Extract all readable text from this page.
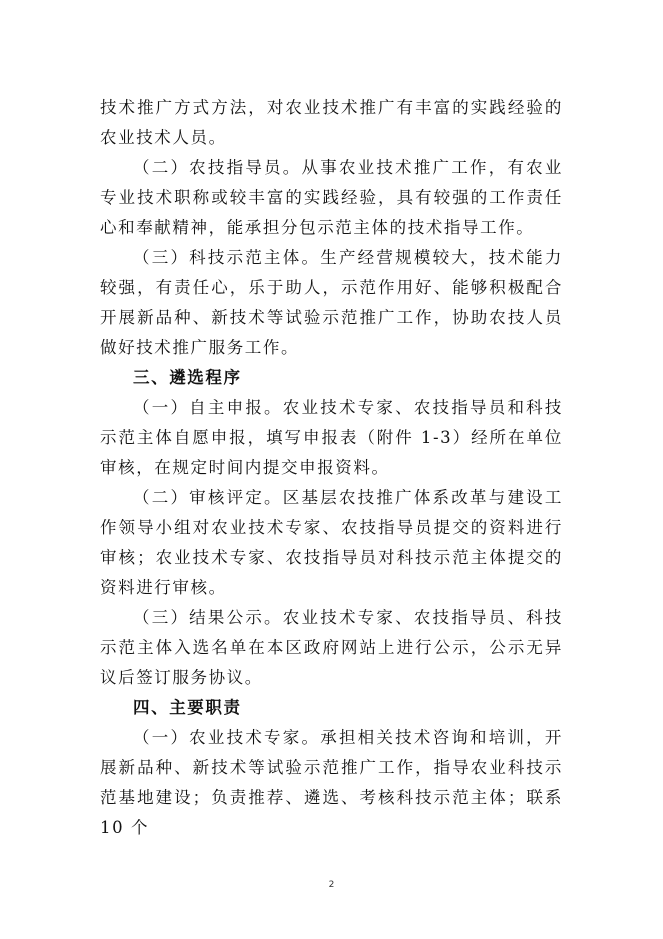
技术推广方式方法，对农业技术推广有丰富的实践经验的农业技术人员。

（二）农技指导员。从事农业技术推广工作，有农业专业技术职称或较丰富的实践经验，具有较强的工作责任心和奉献精神，能承担分包示范主体的技术指导工作。

（三）科技示范主体。生产经营规模较大，技术能力较强，有责任心，乐于助人，示范作用好、能够积极配合开展新品种、新技术等试验示范推广工作，协助农技人员做好技术推广服务工作。

三、遴选程序

（一）自主申报。农业技术专家、农技指导员和科技示范主体自愿申报，填写申报表（附件 1-3）经所在单位审核，在规定时间内提交申报资料。

（二）审核评定。区基层农技推广体系改革与建设工作领导小组对农业技术专家、农技指导员提交的资料进行审核；农业技术专家、农技指导员对科技示范主体提交的资料进行审核。

（三）结果公示。农业技术专家、农技指导员、科技示范主体入选名单在本区政府网站上进行公示，公示无异议后签订服务协议。

四、主要职责

（一）农业技术专家。承担相关技术咨询和培训，开展新品种、新技术等试验示范推广工作，指导农业科技示范基地建设；负责推荐、遴选、考核科技示范主体；联系 10 个

2
